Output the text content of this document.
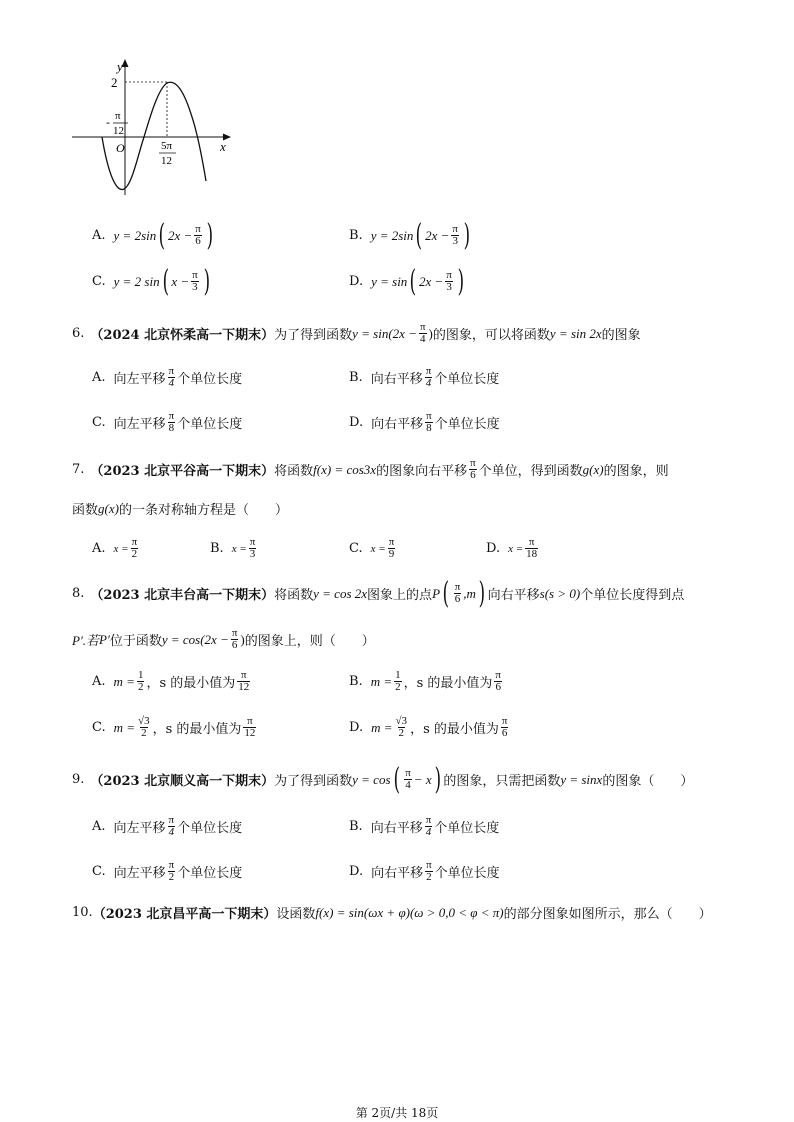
y
x
O
2
- π
12
5π
12
A. y = 2sin ( $2x - \frac{\pi}{6}$ )	B. y = 2sin ( $2x - \frac{\pi}{3}$ )
C. y = 2 sin ( $x - \frac{\pi}{3}$ )	D. y = sin ( $2x - \frac{\pi}{3}$ )
6. （2024 北京怀柔高一下期末） 为了得到函数 $y = \sin(2x - \frac{\pi}{4}$ ) 的图象，可以将函数 y = sin 2x 的图象
A. 向左平移 $\frac{\pi}{4}$ 个单位长度	B. 向右平移 $\frac{\pi}{4}$ 个单位长度
C. 向左平移 $\frac{\pi}{8}$ 个单位长度	D. 向右平移 $\frac{\pi}{8}$ 个单位长度
7. （2023 北京平谷高一下期末） 将函数 f(x) = cos3x 的图象向右平移 $\frac{\pi}{6}$ 个单位，得到函数 g(x) 的图象，则
函数 g(x) 的一条对称轴方程是（　　）
A. $x = \frac{\pi}{2}$	B. $x = \frac{\pi}{3}$	C. $x = \frac{\pi}{9}$	D. $x = \frac{\pi}{18}$
8. （2023 北京丰台高一下期末） 将函数 y = cos 2x 图象上的点 P ( $\frac{\pi}{6} ,m$ ) 向右平移 s(s > 0) 个单位长度得到点
P′.若 P′ 位于函数 $y = \cos(2x - \frac{\pi}{6}$ ) 的图象上，则（　　）
A. $m = \frac{1}{2}$ ，s 的最小值为 $\frac{\pi}{12}$	B. $m = \frac{1}{2}$ ，s 的最小值为 $\frac{\pi}{6}$
C. $m = \frac{√3}{2}$ ，s 的最小值为 $\frac{\pi}{12}$	D. $m = \frac{√3}{2}$ ，s 的最小值为 $\frac{\pi}{6}$
9. （2023 北京顺义高一下期末） 为了得到函数 y = cos ( $\frac{\pi}{4} - x$ ) 的图象，只需把函数 y = sinx 的图象（　　）
A. 向左平移 $\frac{\pi}{4}$ 个单位长度	B. 向右平移 $\frac{\pi}{4}$ 个单位长度
C. 向左平移 $\frac{\pi}{2}$ 个单位长度	D. 向右平移 $\frac{\pi}{2}$ 个单位长度
10. （2023 北京昌平高一下期末） 设函数 f(x) = sin(ωx + φ)(ω > 0,0 < φ < π) 的部分图象如图所示，那么（　　）
第 2页/共 18页
